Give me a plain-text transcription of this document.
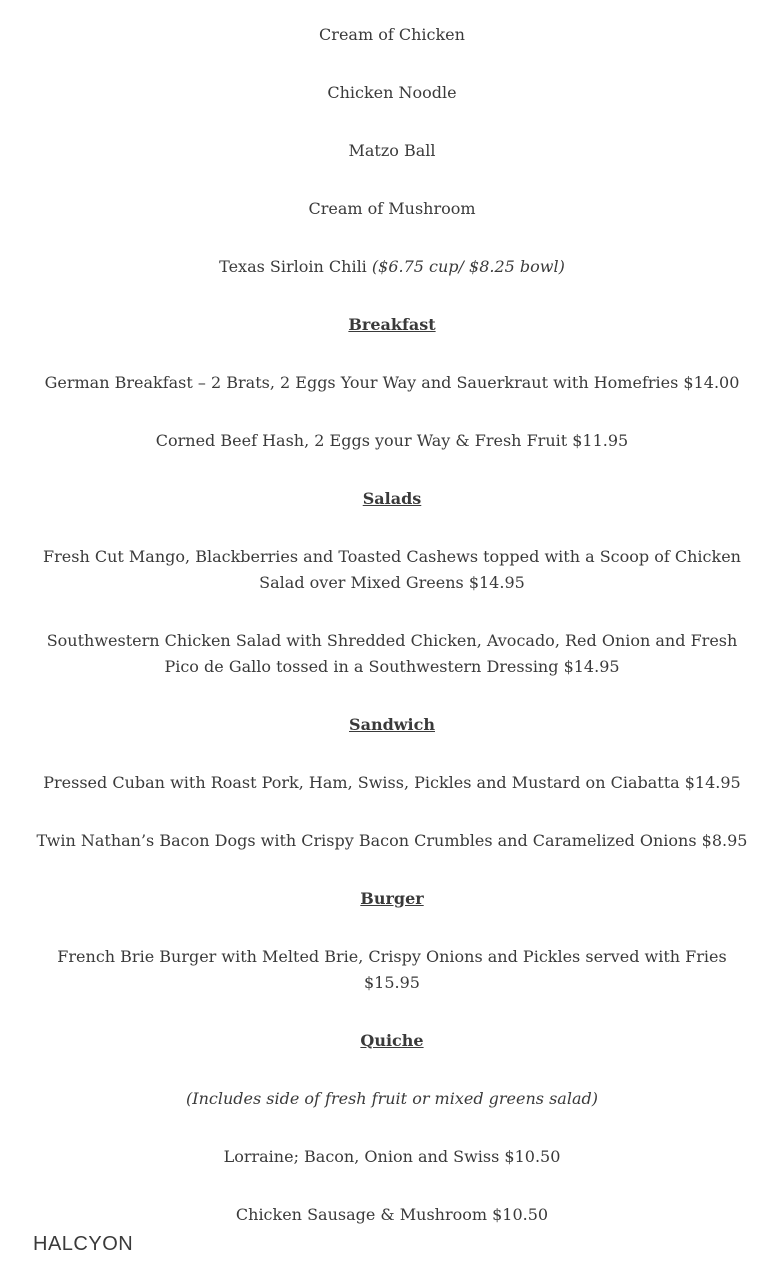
Cream of Chicken

Chicken Noodle

Matzo Ball

Cream of Mushroom

Texas Sirloin Chili ($6.75 cup/ $8.25 bowl)

Breakfast

German Breakfast – 2 Brats, 2 Eggs Your Way and Sauerkraut with Homefries $14.00

Corned Beef Hash, 2 Eggs your Way & Fresh Fruit $11.95

Salads

Fresh Cut Mango, Blackberries and Toasted Cashews topped with a Scoop of Chicken Salad over Mixed Greens $14.95

Southwestern Chicken Salad with Shredded Chicken, Avocado, Red Onion and Fresh Pico de Gallo tossed in a Southwestern Dressing $14.95

Sandwich

Pressed Cuban with Roast Pork, Ham, Swiss, Pickles and Mustard on Ciabatta $14.95

Twin Nathan’s Bacon Dogs with Crispy Bacon Crumbles and Caramelized Onions $8.95

Burger

French Brie Burger with Melted Brie, Crispy Onions and Pickles served with Fries $15.95

Quiche

(Includes side of fresh fruit or mixed greens salad)

Lorraine; Bacon, Onion and Swiss $10.50

Chicken Sausage & Mushroom $10.50

HALCYON
